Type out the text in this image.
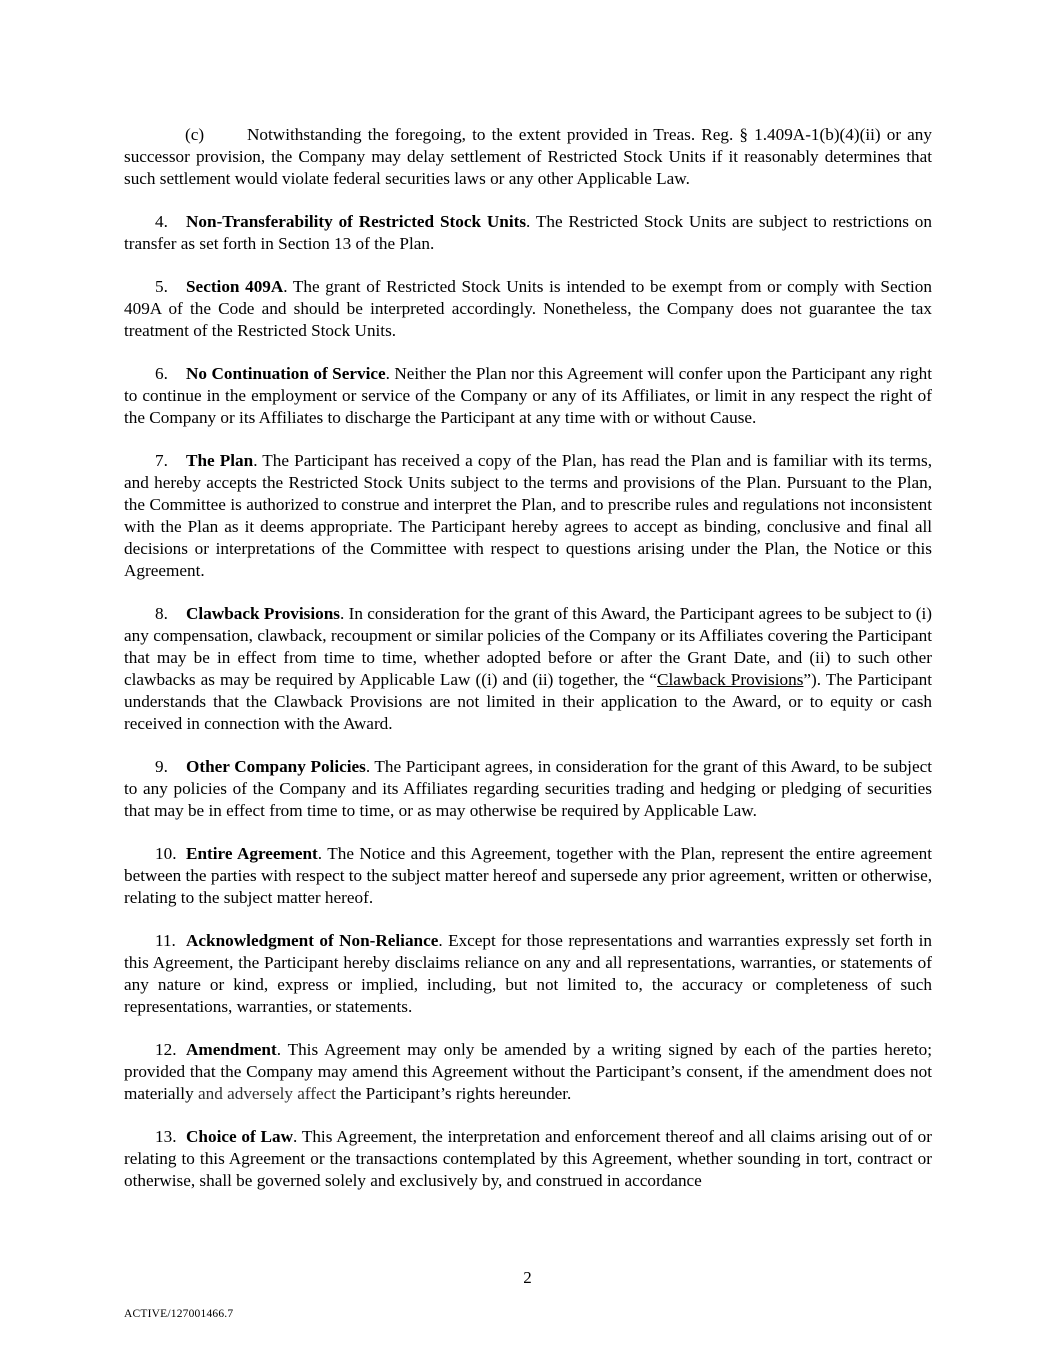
(c) Notwithstanding the foregoing, to the extent provided in Treas. Reg. § 1.409A-1(b)(4)(ii) or any successor provision, the Company may delay settlement of Restricted Stock Units if it reasonably determines that such settlement would violate federal securities laws or any other Applicable Law.

4. Non-Transferability of Restricted Stock Units. The Restricted Stock Units are subject to restrictions on transfer as set forth in Section 13 of the Plan.

5. Section 409A. The grant of Restricted Stock Units is intended to be exempt from or comply with Section 409A of the Code and should be interpreted accordingly. Nonetheless, the Company does not guarantee the tax treatment of the Restricted Stock Units.

6. No Continuation of Service. Neither the Plan nor this Agreement will confer upon the Participant any right to continue in the employment or service of the Company or any of its Affiliates, or limit in any respect the right of the Company or its Affiliates to discharge the Participant at any time with or without Cause.

7. The Plan. The Participant has received a copy of the Plan, has read the Plan and is familiar with its terms, and hereby accepts the Restricted Stock Units subject to the terms and provisions of the Plan. Pursuant to the Plan, the Committee is authorized to construe and interpret the Plan, and to prescribe rules and regulations not inconsistent with the Plan as it deems appropriate. The Participant hereby agrees to accept as binding, conclusive and final all decisions or interpretations of the Committee with respect to questions arising under the Plan, the Notice or this Agreement.

8. Clawback Provisions. In consideration for the grant of this Award, the Participant agrees to be subject to (i) any compensation, clawback, recoupment or similar policies of the Company or its Affiliates covering the Participant that may be in effect from time to time, whether adopted before or after the Grant Date, and (ii) to such other clawbacks as may be required by Applicable Law ((i) and (ii) together, the “Clawback Provisions”). The Participant understands that the Clawback Provisions are not limited in their application to the Award, or to equity or cash received in connection with the Award.

9. Other Company Policies. The Participant agrees, in consideration for the grant of this Award, to be subject to any policies of the Company and its Affiliates regarding securities trading and hedging or pledging of securities that may be in effect from time to time, or as may otherwise be required by Applicable Law.

10. Entire Agreement. The Notice and this Agreement, together with the Plan, represent the entire agreement between the parties with respect to the subject matter hereof and supersede any prior agreement, written or otherwise, relating to the subject matter hereof.

11. Acknowledgment of Non-Reliance. Except for those representations and warranties expressly set forth in this Agreement, the Participant hereby disclaims reliance on any and all representations, warranties, or statements of any nature or kind, express or implied, including, but not limited to, the accuracy or completeness of such representations, warranties, or statements.

12. Amendment. This Agreement may only be amended by a writing signed by each of the parties hereto; provided that the Company may amend this Agreement without the Participant’s consent, if the amendment does not materially and adversely affect the Participant’s rights hereunder.

13. Choice of Law. This Agreement, the interpretation and enforcement thereof and all claims arising out of or relating to this Agreement or the transactions contemplated by this Agreement, whether sounding in tort, contract or otherwise, shall be governed solely and exclusively by, and construed in accordance

2
ACTIVE/127001466.7
